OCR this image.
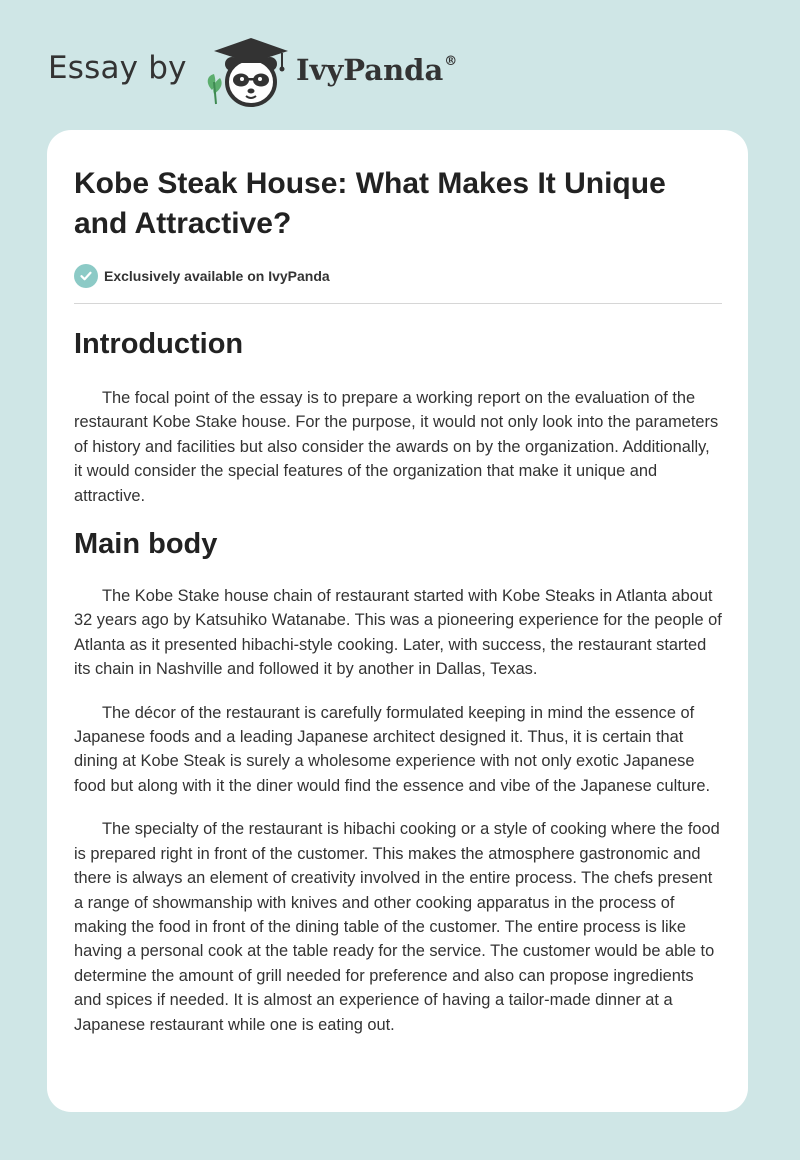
Essay by	IvyPanda®
Kobe Steak House: What Makes It Unique and Attractive?
Exclusively available on IvyPanda
Introduction

The focal point of the essay is to prepare a working report on the evaluation of the restaurant Kobe Stake house. For the purpose, it would not only look into the parameters of history and facilities but also consider the awards on by the organization. Additionally, it would consider the special features of the organization that make it unique and attractive.

Main body

The Kobe Stake house chain of restaurant started with Kobe Steaks in Atlanta about 32 years ago by Katsuhiko Watanabe. This was a pioneering experience for the people of Atlanta as it presented hibachi-style cooking. Later, with success, the restaurant started its chain in Nashville and followed it by another in Dallas, Texas.

The décor of the restaurant is carefully formulated keeping in mind the essence of Japanese foods and a leading Japanese architect designed it. Thus, it is certain that dining at Kobe Steak is surely a wholesome experience with not only exotic Japanese food but along with it the diner would find the essence and vibe of the Japanese culture.

The specialty of the restaurant is hibachi cooking or a style of cooking where the food is prepared right in front of the customer. This makes the atmosphere gastronomic and there is always an element of creativity involved in the entire process. The chefs present a range of showmanship with knives and other cooking apparatus in the process of making the food in front of the dining table of the customer. The entire process is like having a personal cook at the table ready for the service. The customer would be able to determine the amount of grill needed for preference and also can propose ingredients and spices if needed. It is almost an experience of having a tailor-made dinner at a Japanese restaurant while one is eating out.
